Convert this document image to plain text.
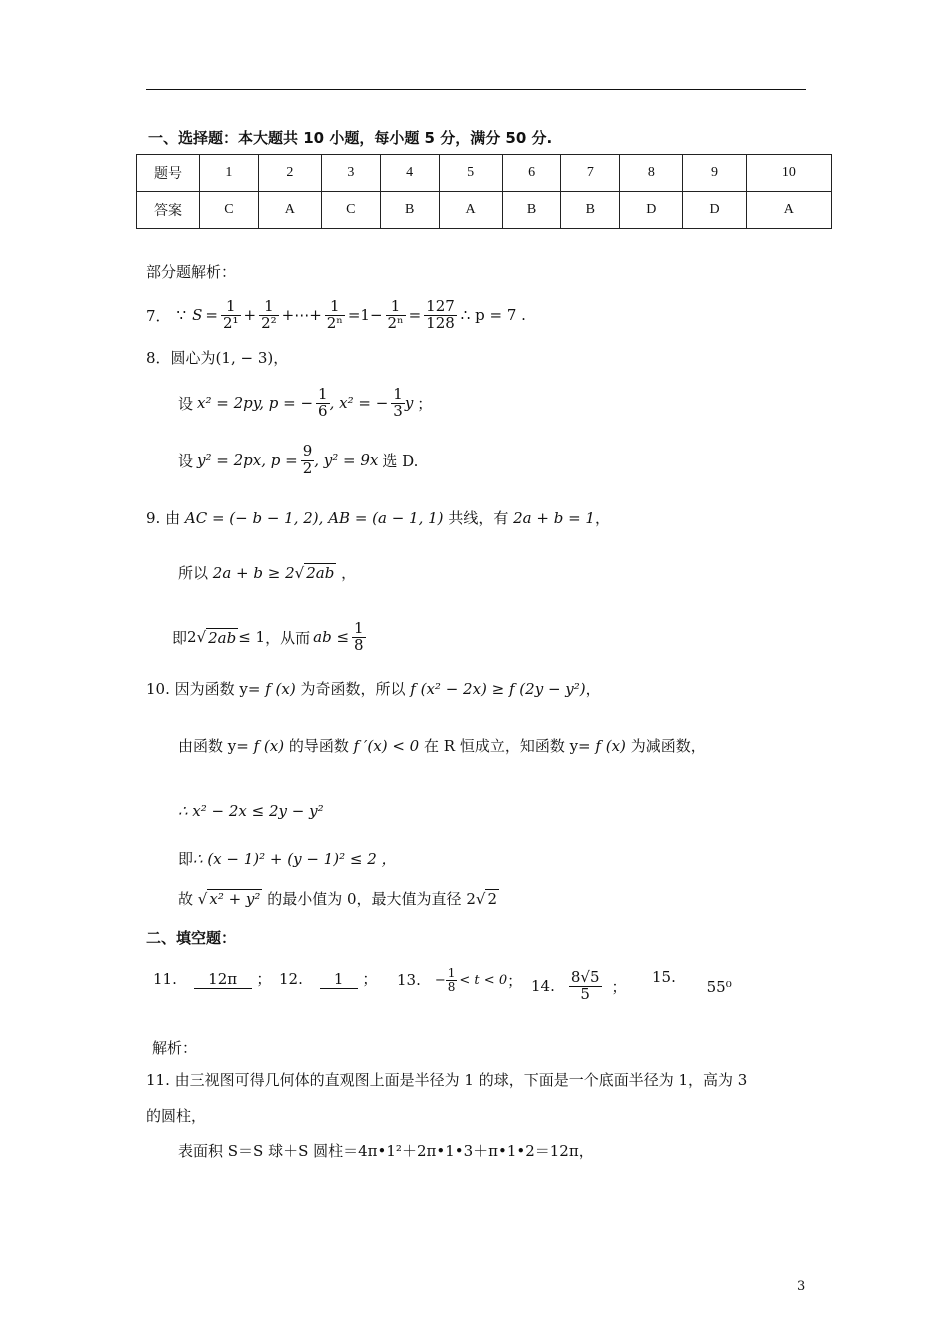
一、选择题：本大题共 10 小题，每小题 5 分，满分 50 分.
题号	1	2	3	4	5	6	7	8	9	10
答案	C	A	C	B	A	B	B	D	D	A
部分题解析：
7． ∵ $S = \frac{1}{\text{2¹}} + \frac{1}{\text{2²}}$ +⋯+ $\frac{1}{\text{2ⁿ}} =1- \frac{1}{\text{2ⁿ}} = \frac{127}{128}$ ∴ p = 7 .
8．圆心为(1, − 3)，
设 x² = 2py, p = − $\frac{1}{6}$ , x² = − $\frac{1}{3}$ y ；
设 y² = 2px, $p = \frac{9}{2}$ , y² = 9x 选 D.
9. 由 AC = (− b − 1, 2), AB = (a − 1, 1) 共线，有 2a + b = 1，
所以 2a + b ≥ 2√ 2ab ，
即 2 √ 2ab ≤ 1 ，从而 ab ≤ $\frac{1}{8}$
10. 因为函数 y= f (x) 为奇函数，所以 f (x² − 2x) ≥ f (2y − y²)，
由函数 y= f (x) 的导函数 f ′(x) < 0 在 R 恒成立，知函数 y= f (x) 为减函数，
∴ x² − 2x ≤ 2y − y²
即∴ (x − 1)² + (y − 1)² ≤ 2 ，
故 √ x² + y² 的最小值为 0，最大值为直径 2√ 2
二、填空题：
11. 12π ； 12. 1 ； 13. − $\frac{1}{8} < t < 0$ ； 14. $\frac{8√5}{5}$ ；
15. 55⁰
解析：
11. 由三视图可得几何体的直观图上面是半径为 1 的球，下面是一个底面半径为 1，高为 3
的圆柱，
表面积 S＝S 球＋S 圆柱＝4π•1²＋2π•1•3＋π•1•2＝12π，
3
